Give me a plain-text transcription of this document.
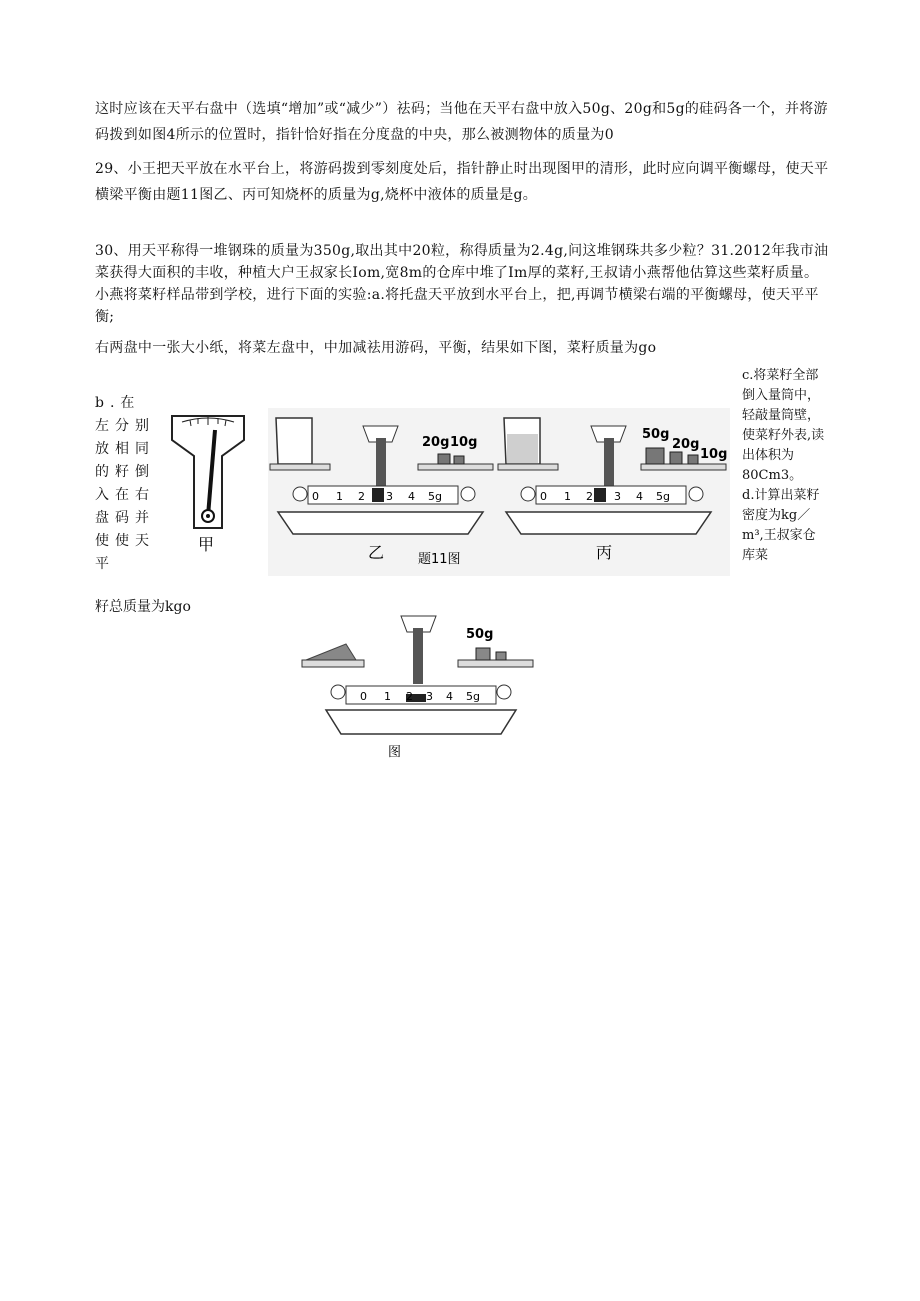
这时应该在天平右盘中（选填“增加”或“减少”）祛码；当他在天平右盘中放入50g、20g和5g的硅码各一个，并将游码拨到如图4所示的位置时，指针恰好指在分度盘的中央，那么被测物体的质量为0
29、小王把天平放在水平台上，将游码拨到零刻度处后，指针静止时出现图甲的清形，此时应向调平衡螺母，使天平横梁平衡由题11图乙、丙可知烧杯的质量为g,烧杯中液体的质量是g。
30、用天平称得一堆钢珠的质量为350g,取出其中20粒，称得质量为2.4g,问这堆钢珠共多少粒？31.2012年我市油菜获得大面积的丰收，种植大户王叔家长Iom,宽8m的仓库中堆了Im厚的菜籽,王叔请小燕帮他估算这些菜籽质量。小燕将菜籽样品带到学校，进行下面的实验:a.将托盘天平放到水平台上，把,再调节横梁右端的平衡螺母，使天平平衡;
右两盘中一张大小纸，将菜左盘中，中加减祛用游码，平衡，结果如下图，菜籽质量为go
b.在左分别放相同的籽倒入在右盘码并使使天平
c.将菜籽全部倒入量筒中，轻敲量筒壁，使菜籽外表,读出体积为80Cm3。
d.计算出菜籽密度为kg／m³,王叔家仓库菜
籽总质量为kgo
甲
20g 10g
0 1 2 3 4 5g
乙	题11图
50g
20g
10g
0 1 2 3 4 5g
丙
50g
0 1 2 3 4 5g
图
